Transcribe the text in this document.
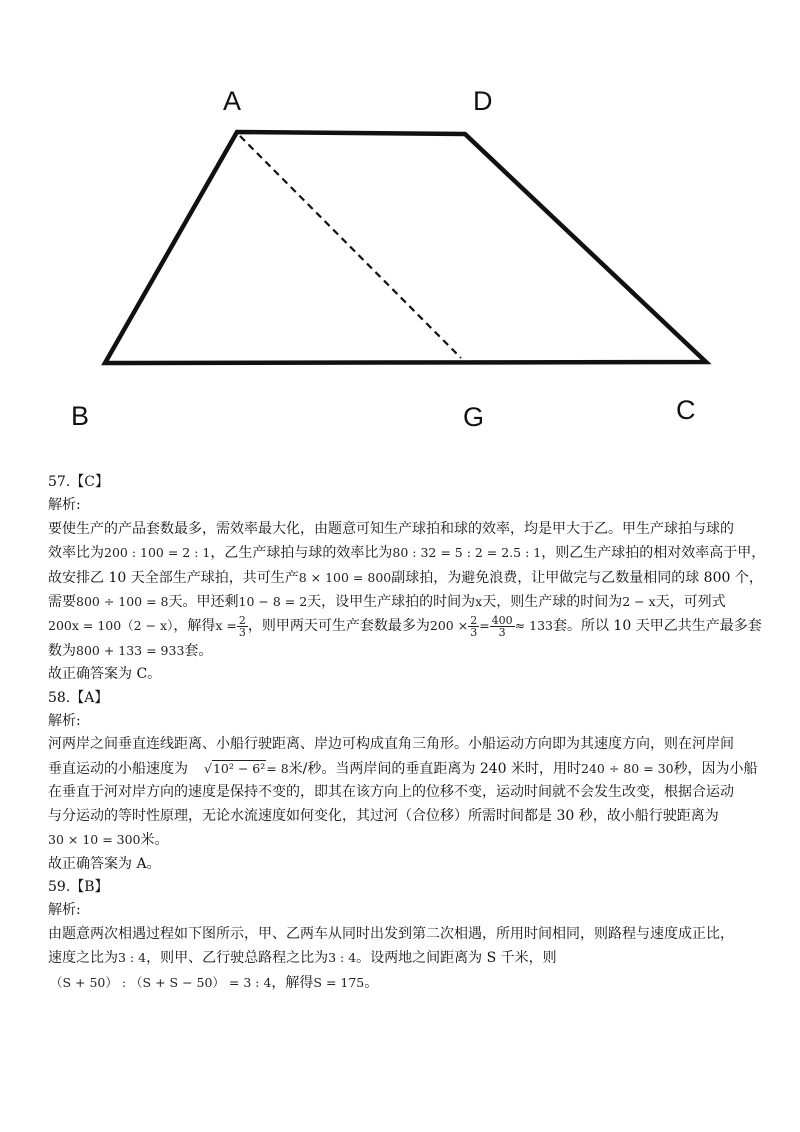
A	D
B	G	C
57.【C】
解析:
要使生产的产品套数最多，需效率最大化，由题意可知生产球拍和球的效率，均是甲大于乙。甲生产球拍与球的
效率比为200 : 100 = 2 : 1，乙生产球拍与球的效率比为80 : 32 = 5 : 2 = 2.5 : 1，则乙生产球拍的相对效率高于甲，
故安排乙 10 天全部生产球拍，共可生产8 × 100 = 800副球拍，为避免浪费，让甲做完与乙数量相同的球 800 个，
需要800 ÷ 100 = 8天。甲还剩10 − 8 = 2天，设甲生产球拍的时间为x天，则生产球的时间为2 − x天，可列式
200x = 100（2 − x），解得$x = \frac{2}{3}$ ，则甲两天可生产套数最多为$200 \times \frac{2}{3} = \frac{400}{3} \approx 133$套。所以 10 天甲乙共生产最多套
数为800 + 133 = 933套。
故正确答案为 C。
58.【A】
解析:
河两岸之间垂直连线距离、小船行驶距离、岸边可构成直角三角形。小船运动方向即为其速度方向，则在河岸间
垂直运动的小船速度为 √10² − 6²= 8米/秒。当两岸间的垂直距离为 240 米时，用时240 ÷ 80 = 30秒，因为小船
在垂直于河对岸方向的速度是保持不变的，即其在该方向上的位移不变，运动时间就不会发生改变，根据合运动
与分运动的等时性原理，无论水流速度如何变化，其过河（合位移）所需时间都是 30 秒，故小船行驶距离为
30 × 10 = 300米。
故正确答案为 A。
59.【B】
解析:
由题意两次相遇过程如下图所示，甲、乙两车从同时出发到第二次相遇，所用时间相同，则路程与速度成正比，
速度之比为3 : 4，则甲、乙行驶总路程之比为3 : 4。设两地之间距离为 S 千米，则
（S + 50） : （S + S − 50） = 3 : 4，解得S = 175。
